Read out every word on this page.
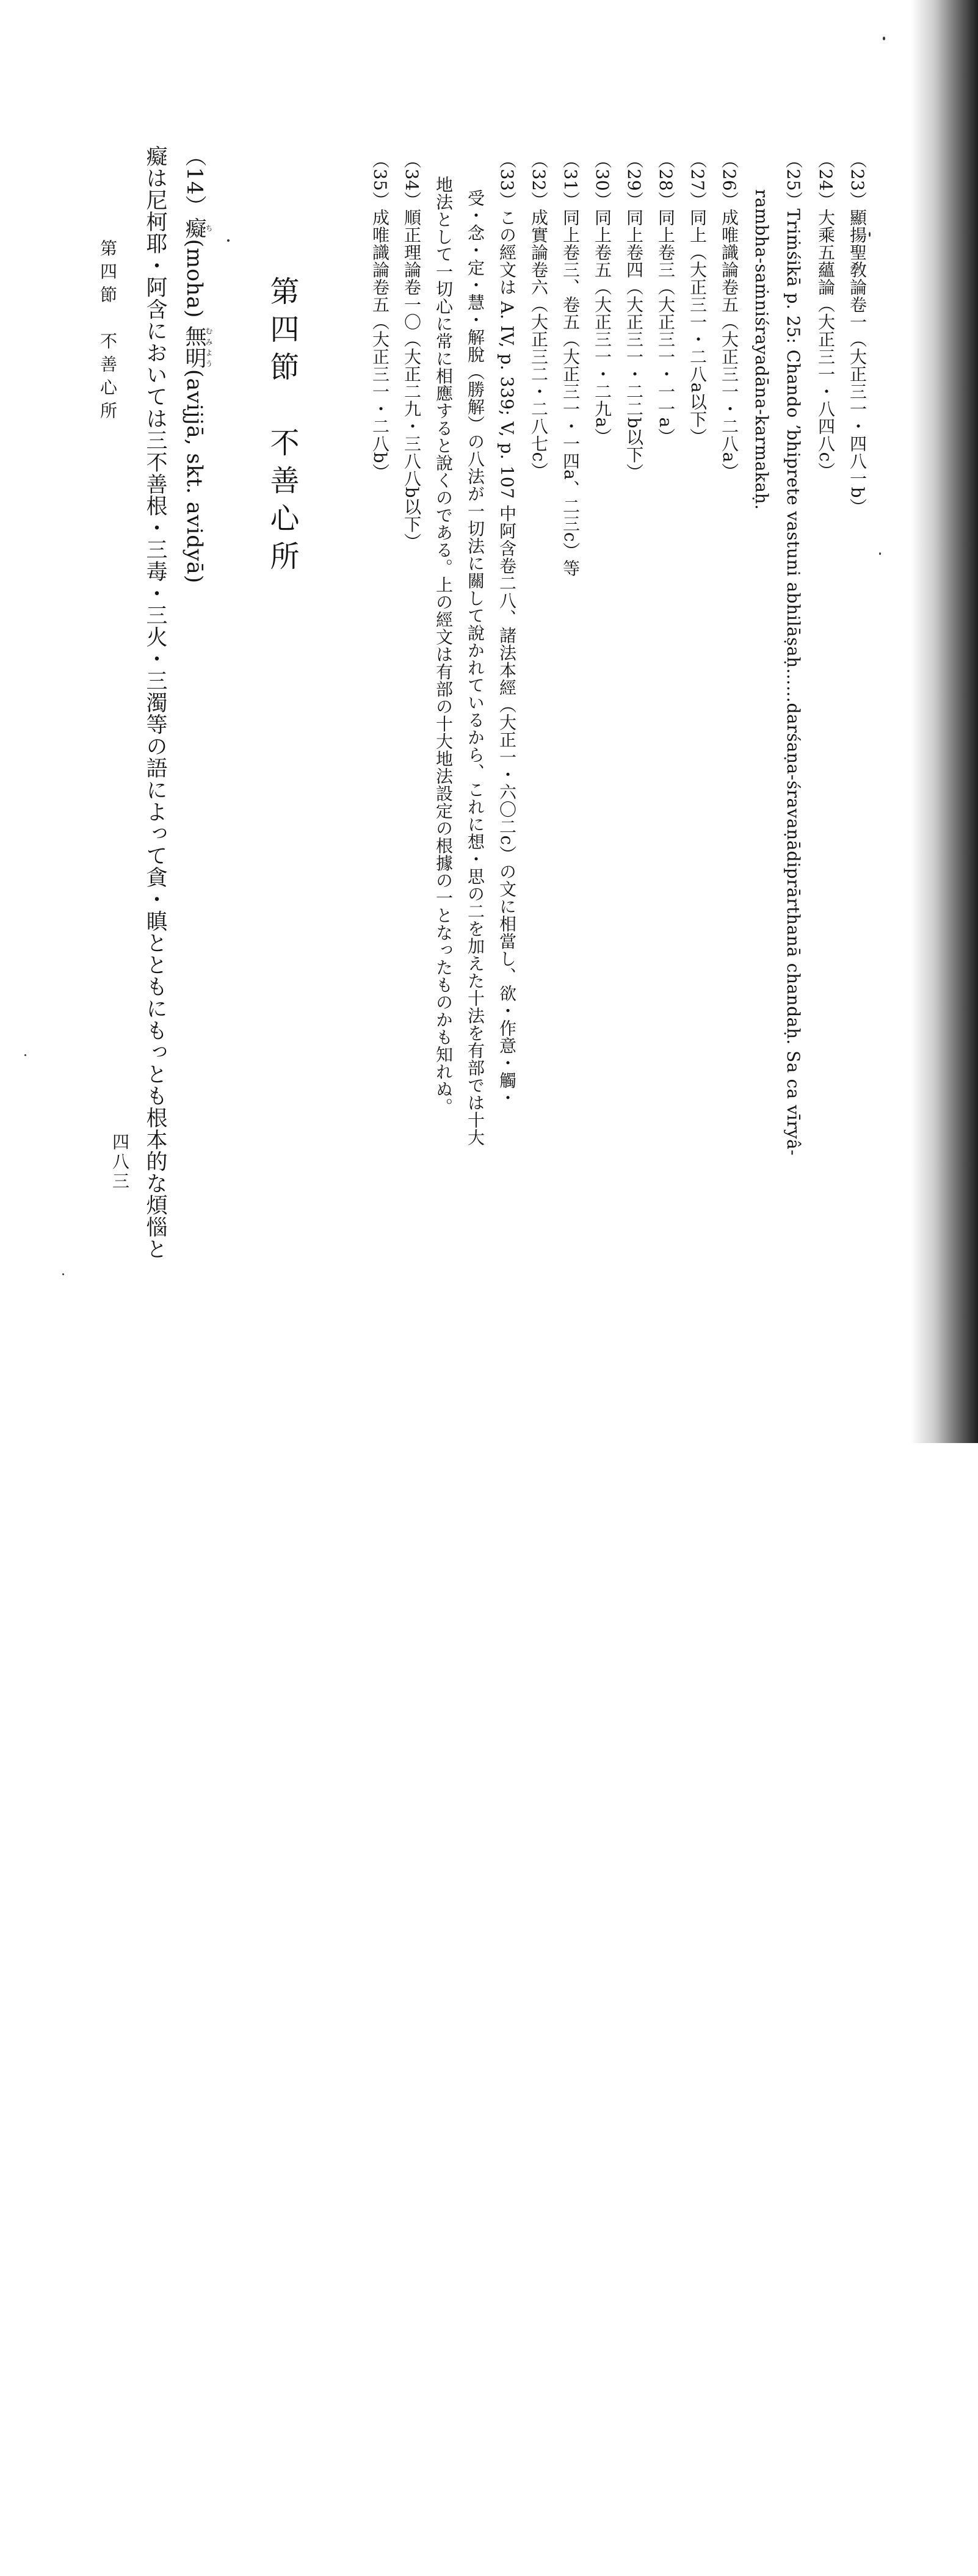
（23）顯揚聖敎論卷一（大正三一・四八一b）
（24）大乘五蘊論（大正三一・八四八c）
（25）Triṁśikā p. 25: Chando ʼbhiprete vastuni abhilāṣaḥ……darśaṇa-śravaṇādiprārthanā chandaḥ. Sa ca vīryâ-
rambha-saṁniśrayadāna-karmakaḥ.
（26）成唯識論卷五（大正三一・二八a）
（27）同上（大正三一・二八a以下）
（28）同上卷三（大正三一・一一a）
（29）同上卷四（大正三一・二二b以下）
（30）同上卷五（大正三一・二九a）
（31）同上卷三、卷五（大正三一・一四a、二三c）等
（32）成實論卷六（大正三二・二八七c）
（33）この經文は A. IV, p. 339; V, p. 107 中阿含卷二八、諸法本經（大正一・六〇二c）の文に相當し、欲・作意・觸・
受・念・定・慧・解脫（勝解）の八法が一切法に關して說かれているから、これに想・思の二を加えた十法を有部では十大
地法として一切心に常に相應すると說くのである。上の經文は有部の十大地法設定の根據の一となったものかも知れぬ。
（34）順正理論卷一〇（大正二九・三八八b以下）
（35）成唯識論卷五（大正三一・二八b）
第四節　不善心所
（14）癡ち(moha) 無明むみよう(avijjā, skt. avidyā)
癡は尼柯耶・阿含においては三不善根・三毒・三火・三濁等の語によって貪・瞋とともにもっとも根本的な煩惱と
第四節　不善心所
四八三
